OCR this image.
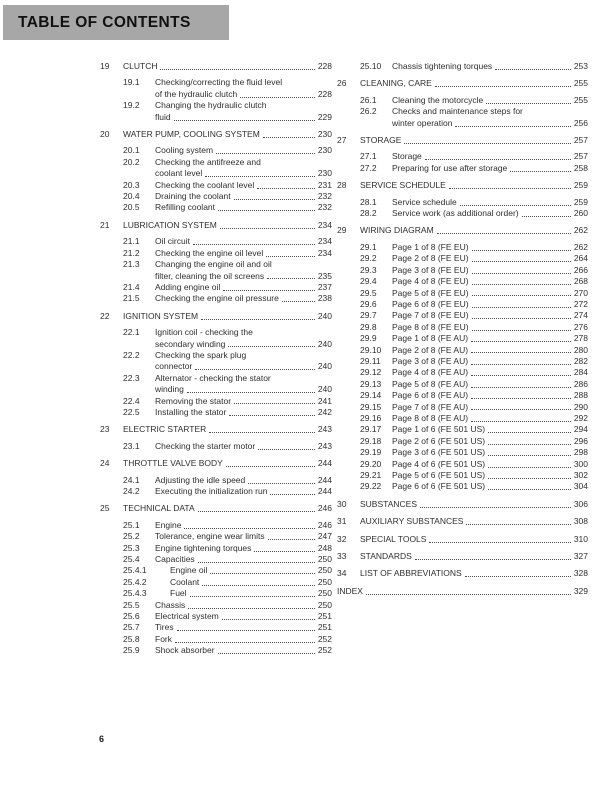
TABLE OF CONTENTS
19	CLUTCH	228
19.1	Checking/correcting the fluid level
of the hydraulic clutch	228
19.2	Changing the hydraulic clutch
fluid	229
20	WATER PUMP, COOLING SYSTEM	230
20.1	Cooling system	230
20.2	Checking the antifreeze and
coolant level	230
20.3	Checking the coolant level	231
20.4	Draining the coolant	232
20.5	Refilling coolant	232
21	LUBRICATION SYSTEM	234
21.1	Oil circuit	234
21.2	Checking the engine oil level	234
21.3	Changing the engine oil and oil
filter, cleaning the oil screens	235
21.4	Adding engine oil	237
21.5	Checking the engine oil pressure	238
22	IGNITION SYSTEM	240
22.1	Ignition coil - checking the
secondary winding	240
22.2	Checking the spark plug
connector	240
22.3	Alternator - checking the stator
winding	240
22.4	Removing the stator	241
22.5	Installing the stator	242
23	ELECTRIC STARTER	243
23.1	Checking the starter motor	243
24	THROTTLE VALVE BODY	244
24.1	Adjusting the idle speed	244
24.2	Executing the initialization run	244
25	TECHNICAL DATA	246
25.1	Engine	246
25.2	Tolerance, engine wear limits	247
25.3	Engine tightening torques	248
25.4	Capacities	250
25.4.1	Engine oil	250
25.4.2	Coolant	250
25.4.3	Fuel	250
25.5	Chassis	250
25.6	Electrical system	251
25.7	Tires	251
25.8	Fork	252
25.9	Shock absorber	252
25.10	Chassis tightening torques	253
26	CLEANING, CARE	255
26.1	Cleaning the motorcycle	255
26.2	Checks and maintenance steps for
winter operation	256
27	STORAGE	257
27.1	Storage	257
27.2	Preparing for use after storage	258
28	SERVICE SCHEDULE	259
28.1	Service schedule	259
28.2	Service work (as additional order)	260
29	WIRING DIAGRAM	262
29.1	Page 1 of 8 (FE EU)	262
29.2	Page 2 of 8 (FE EU)	264
29.3	Page 3 of 8 (FE EU)	266
29.4	Page 4 of 8 (FE EU)	268
29.5	Page 5 of 8 (FE EU)	270
29.6	Page 6 of 8 (FE EU)	272
29.7	Page 7 of 8 (FE EU)	274
29.8	Page 8 of 8 (FE EU)	276
29.9	Page 1 of 8 (FE AU)	278
29.10	Page 2 of 8 (FE AU)	280
29.11	Page 3 of 8 (FE AU)	282
29.12	Page 4 of 8 (FE AU)	284
29.13	Page 5 of 8 (FE AU)	286
29.14	Page 6 of 8 (FE AU)	288
29.15	Page 7 of 8 (FE AU)	290
29.16	Page 8 of 8 (FE AU)	292
29.17	Page 1 of 6 (FE 501 US)	294
29.18	Page 2 of 6 (FE 501 US)	296
29.19	Page 3 of 6 (FE 501 US)	298
29.20	Page 4 of 6 (FE 501 US)	300
29.21	Page 5 of 6 (FE 501 US)	302
29.22	Page 6 of 6 (FE 501 US)	304
30	SUBSTANCES	306
31	AUXILIARY SUBSTANCES	308
32	SPECIAL TOOLS	310
33	STANDARDS	327
34	LIST OF ABBREVIATIONS	328
INDEX	329
6
